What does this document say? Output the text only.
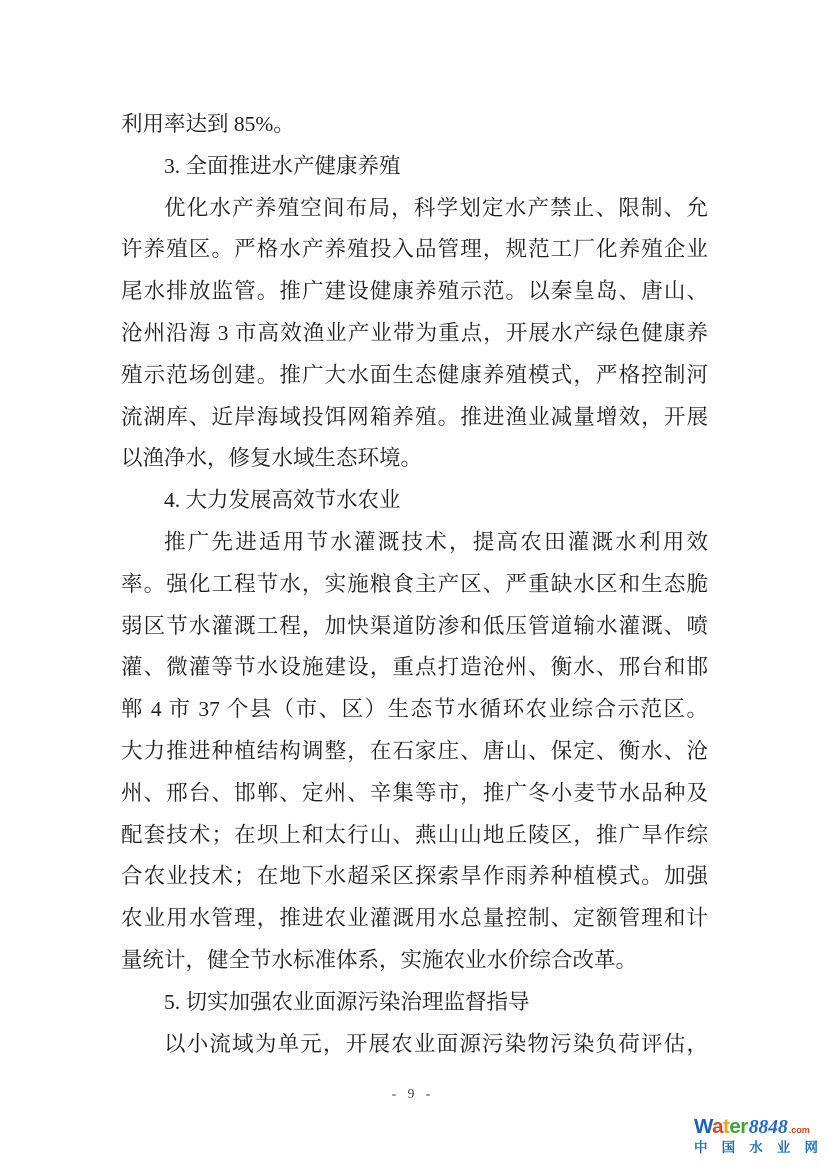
利用率达到 85%。
3. 全面推进水产健康养殖
优化水产养殖空间布局，科学划定水产禁止、限制、允
许养殖区。严格水产养殖投入品管理，规范工厂化养殖企业
尾水排放监管。推广建设健康养殖示范。以秦皇岛、唐山、
沧州沿海 3 市高效渔业产业带为重点，开展水产绿色健康养
殖示范场创建。推广大水面生态健康养殖模式，严格控制河
流湖库、近岸海域投饵网箱养殖。推进渔业减量增效，开展
以渔净水，修复水域生态环境。
4. 大力发展高效节水农业
推广先进适用节水灌溉技术，提高农田灌溉水利用效
率。强化工程节水，实施粮食主产区、严重缺水区和生态脆
弱区节水灌溉工程，加快渠道防渗和低压管道输水灌溉、喷
灌、微灌等节水设施建设，重点打造沧州、衡水、邢台和邯
郸 4 市 37 个县（市、区）生态节水循环农业综合示范区。
大力推进种植结构调整，在石家庄、唐山、保定、衡水、沧
州、邢台、邯郸、定州、辛集等市，推广冬小麦节水品种及
配套技术；在坝上和太行山、燕山山地丘陵区，推广旱作综
合农业技术；在地下水超采区探索旱作雨养种植模式。加强
农业用水管理，推进农业灌溉用水总量控制、定额管理和计
量统计，健全节水标准体系，实施农业水价综合改革。
5. 切实加强农业面源污染治理监督指导
以小流域为单元，开展农业面源污染物污染负荷评估，
- 9 -
Water 8848 .com
中 国 水 业 网
